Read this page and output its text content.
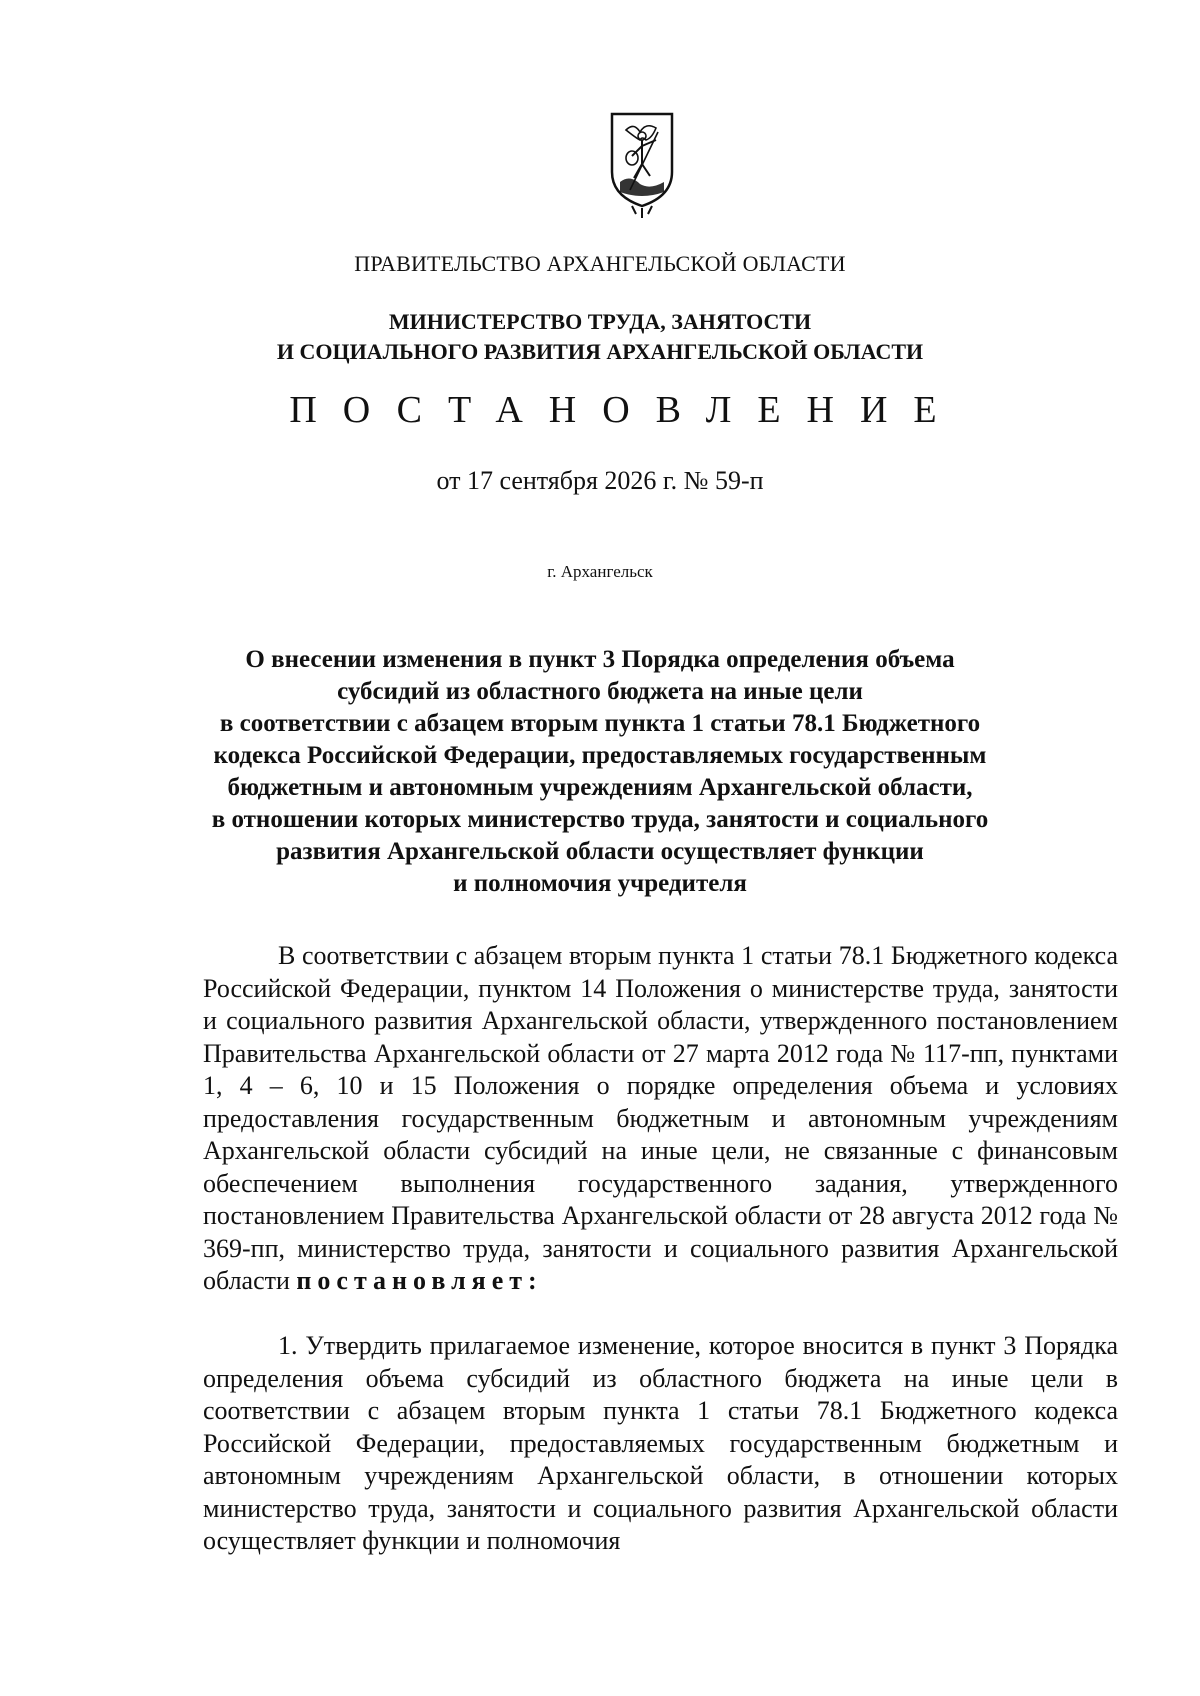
ПРАВИТЕЛЬСТВО АРХАНГЕЛЬСКОЙ ОБЛАСТИ
МИНИСТЕРСТВО ТРУДА, ЗАНЯТОСТИ
И СОЦИАЛЬНОГО РАЗВИТИЯ АРХАНГЕЛЬСКОЙ ОБЛАСТИ
ПОСТАНОВЛЕНИЕ
от 17 сентября 2026 г. № 59-п
г. Архангельск
О внесении изменения в пункт 3 Порядка определения объема
субсидий из областного бюджета на иные цели
в соответствии с абзацем вторым пункта 1 статьи 78.1 Бюджетного
кодекса Российской Федерации, предоставляемых государственным
бюджетным и автономным учреждениям Архангельской области,
в отношении которых министерство труда, занятости и социального
развития Архангельской области осуществляет функции
и полномочия учредителя

В соответствии с абзацем вторым пункта 1 статьи 78.1 Бюджетного кодекса Российской Федерации, пунктом 14 Положения о министерстве труда, занятости и социального развития Архангельской области, утвержденного постановлением Правительства Архангельской области от 27 марта 2012 года № 117-пп, пунктами 1, 4 – 6, 10 и 15 Положения о порядке определения объема и условиях предоставления государственным бюджетным и автономным учреждениям Архангельской области субсидий на иные цели, не связанные с финансовым обеспечением выполнения государственного задания, утвержденного постановлением Правительства Архангельской области от 28 августа 2012 года № 369-пп, министерство труда, занятости и социального развития Архангельской области постановляет:

1. Утвердить прилагаемое изменение, которое вносится в пункт 3 Порядка определения объема субсидий из областного бюджета на иные цели в соответствии с абзацем вторым пункта 1 статьи 78.1 Бюджетного кодекса Российской Федерации, предоставляемых государственным бюджетным и автономным учреждениям Архангельской области, в отношении которых министерство труда, занятости и социального развития Архангельской области осуществляет функции и полномочия
